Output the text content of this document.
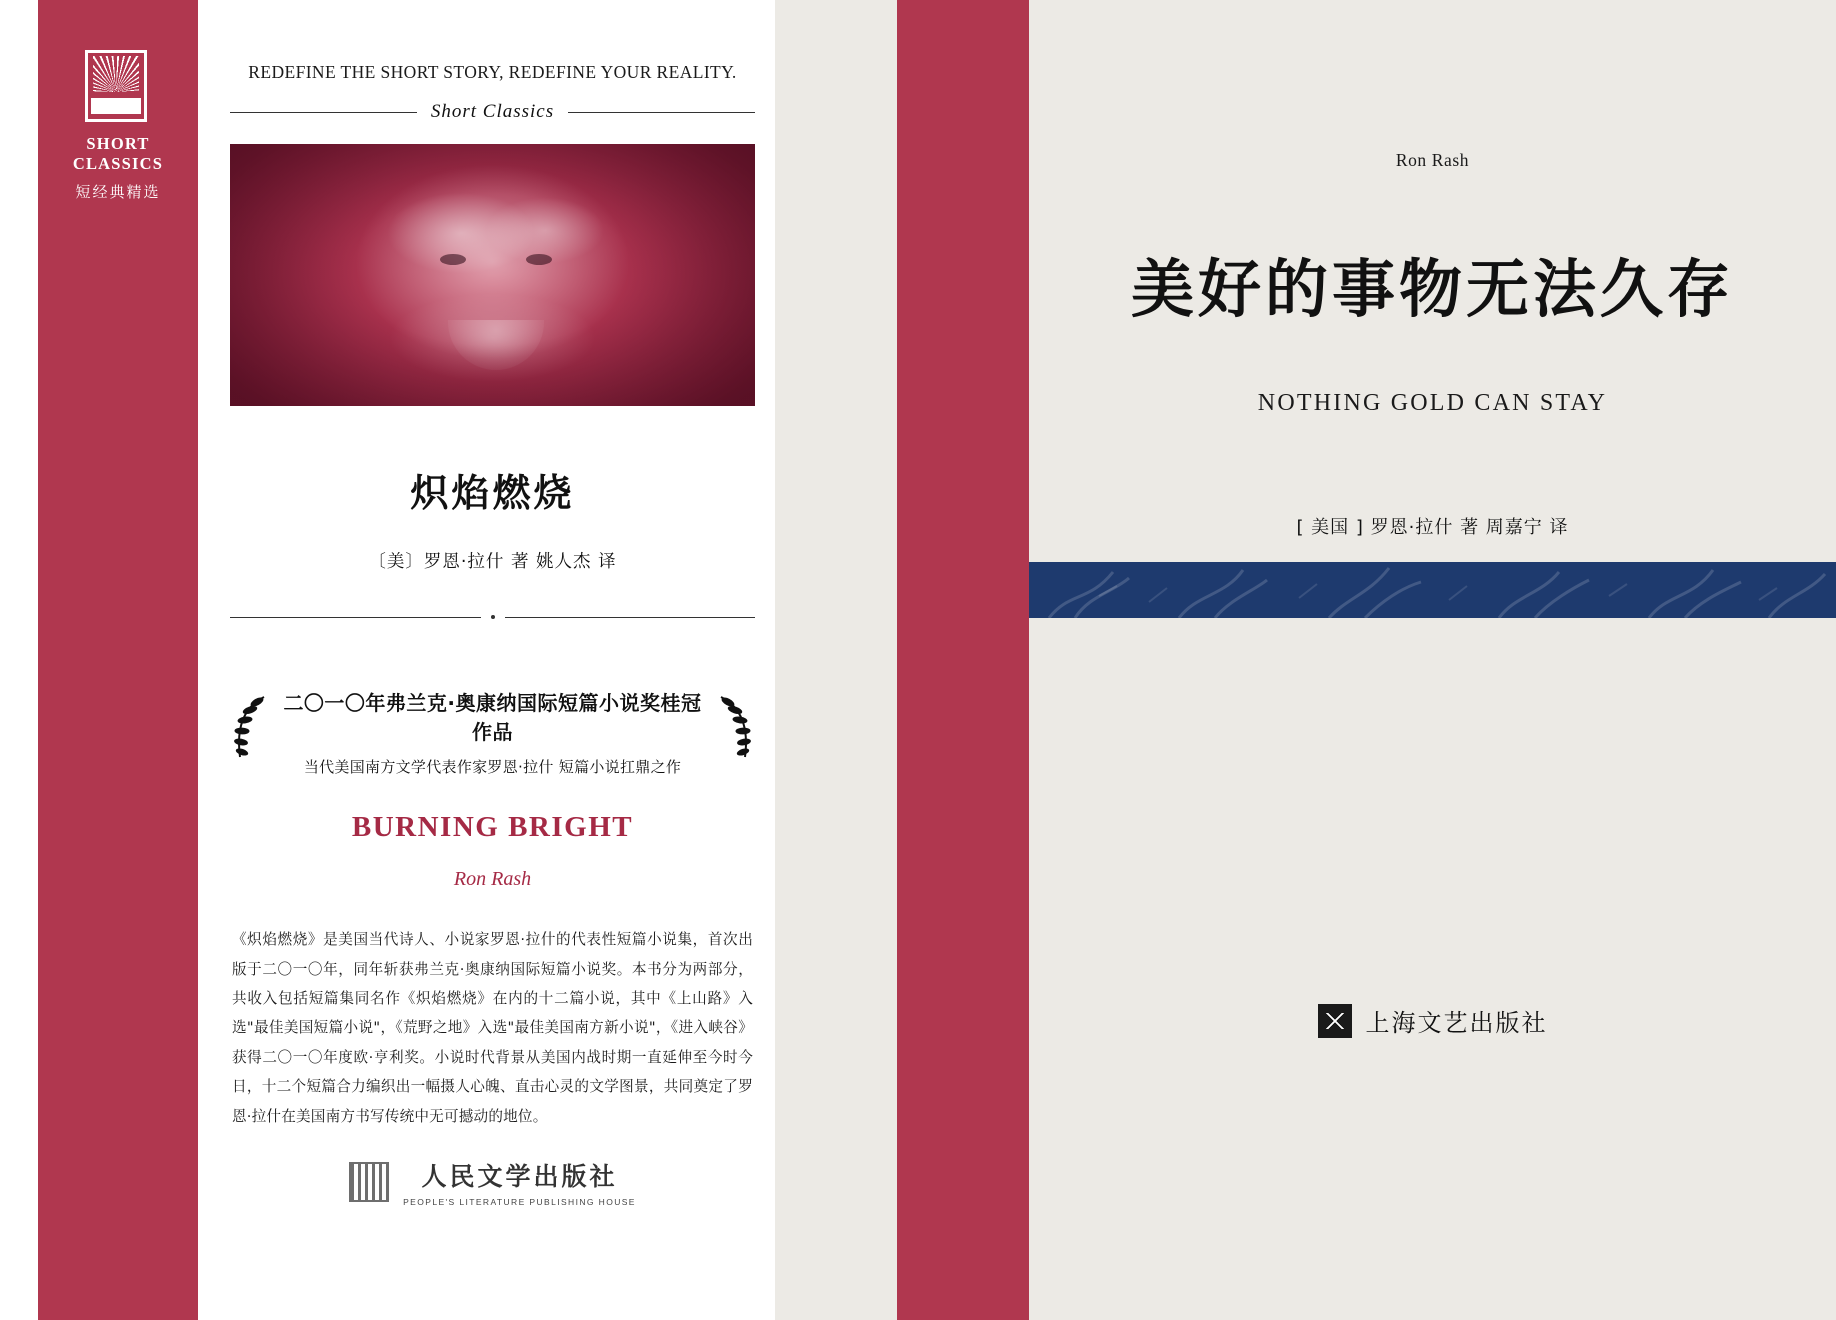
SHORT CLASSICS
短经典精选
REDEFINE THE SHORT STORY, REDEFINE YOUR REALITY.
Short Classics
炽焰燃烧
〔美〕罗恩·拉什 著 姚人杰 译
二〇一〇年弗兰克·奥康纳国际短篇小说奖桂冠作品
当代美国南方文学代表作家罗恩·拉什 短篇小说扛鼎之作
BURNING BRIGHT
Ron Rash

《炽焰燃烧》是美国当代诗人、小说家罗恩·拉什的代表性短篇小说集，首次出版于二〇一〇年，同年斩获弗兰克·奥康纳国际短篇小说奖。本书分为两部分，共收入包括短篇集同名作《炽焰燃烧》在内的十二篇小说，其中《上山路》入选"最佳美国短篇小说"，《荒野之地》入选"最佳美国南方新小说"，《进入峡谷》获得二〇一〇年度欧·亨利奖。小说时代背景从美国内战时期一直延伸至今时今日，十二个短篇合力编织出一幅摄人心魄、直击心灵的文学图景，共同奠定了罗恩·拉什在美国南方书写传统中无可撼动的地位。

人民文学出版社
PEOPLE'S LITERATURE PUBLISHING HOUSE
Ron Rash
美好的事物无法久存
NOTHING GOLD CAN STAY
[ 美国 ] 罗恩·拉什 著 周嘉宁 译
上海文艺出版社
